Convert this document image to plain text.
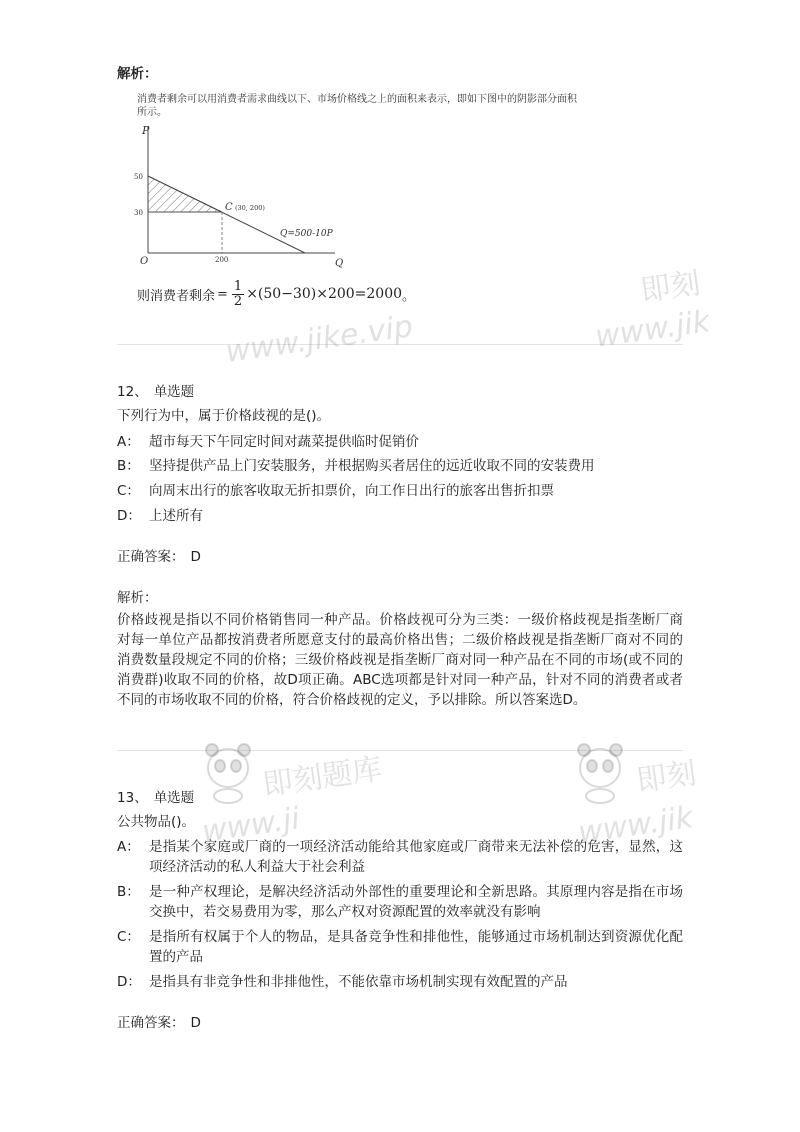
解析：
消费者剩余可以用消费者需求曲线以下、市场价格线之上的面积来表示，即如下图中的阴影部分面积所示。
P
Q
O
50
30
200
C (30, 200)
Q=500-10P
则消费者剩余 = $\frac{1}{2} \times(50-30)\times 200=2000$ 。
12、 单选题
下列行为中，属于价格歧视的是()。
A： 超市每天下午同定时间对蔬菜提供临时促销价
B： 坚持提供产品上门安装服务，并根据购买者居住的远近收取不同的安装费用
C： 向周末出行的旅客收取无折扣票价，向工作日出行的旅客出售折扣票
D： 上述所有
正确答案： D
解析：
价格歧视是指以不同价格销售同一种产品。价格歧视可分为三类：一级价格歧视是指垄断厂商对每一单位产品都按消费者所愿意支付的最高价格出售；二级价格歧视是指垄断厂商对不同的消费数量段规定不同的价格；三级价格歧视是指垄断厂商对同一种产品在不同的市场(或不同的消费群)收取不同的价格，故D项正确。ABC选项都是针对同一种产品，针对不同的消费者或者不同的市场收取不同的价格，符合价格歧视的定义，予以排除。所以答案选D。
13、 单选题
公共物品()。
A： 是指某个家庭或厂商的一项经济活动能给其他家庭或厂商带来无法补偿的危害，显然，这项经济活动的私人利益大于社会利益
B： 是一种产权理论，是解决经济活动外部性的重要理论和全新思路。其原理内容是指在市场交换中，若交易费用为零，那么产权对资源配置的效率就没有影响
C： 是指所有权属于个人的物品，是具备竞争性和排他性，能够通过市场机制达到资源优化配置的产品
D： 是指具有非竞争性和非排他性，不能依靠市场机制实现有效配置的产品
正确答案： D
www.jike.vip
即刻
www.jik
即刻题库
www.ji
即刻
www.jik
